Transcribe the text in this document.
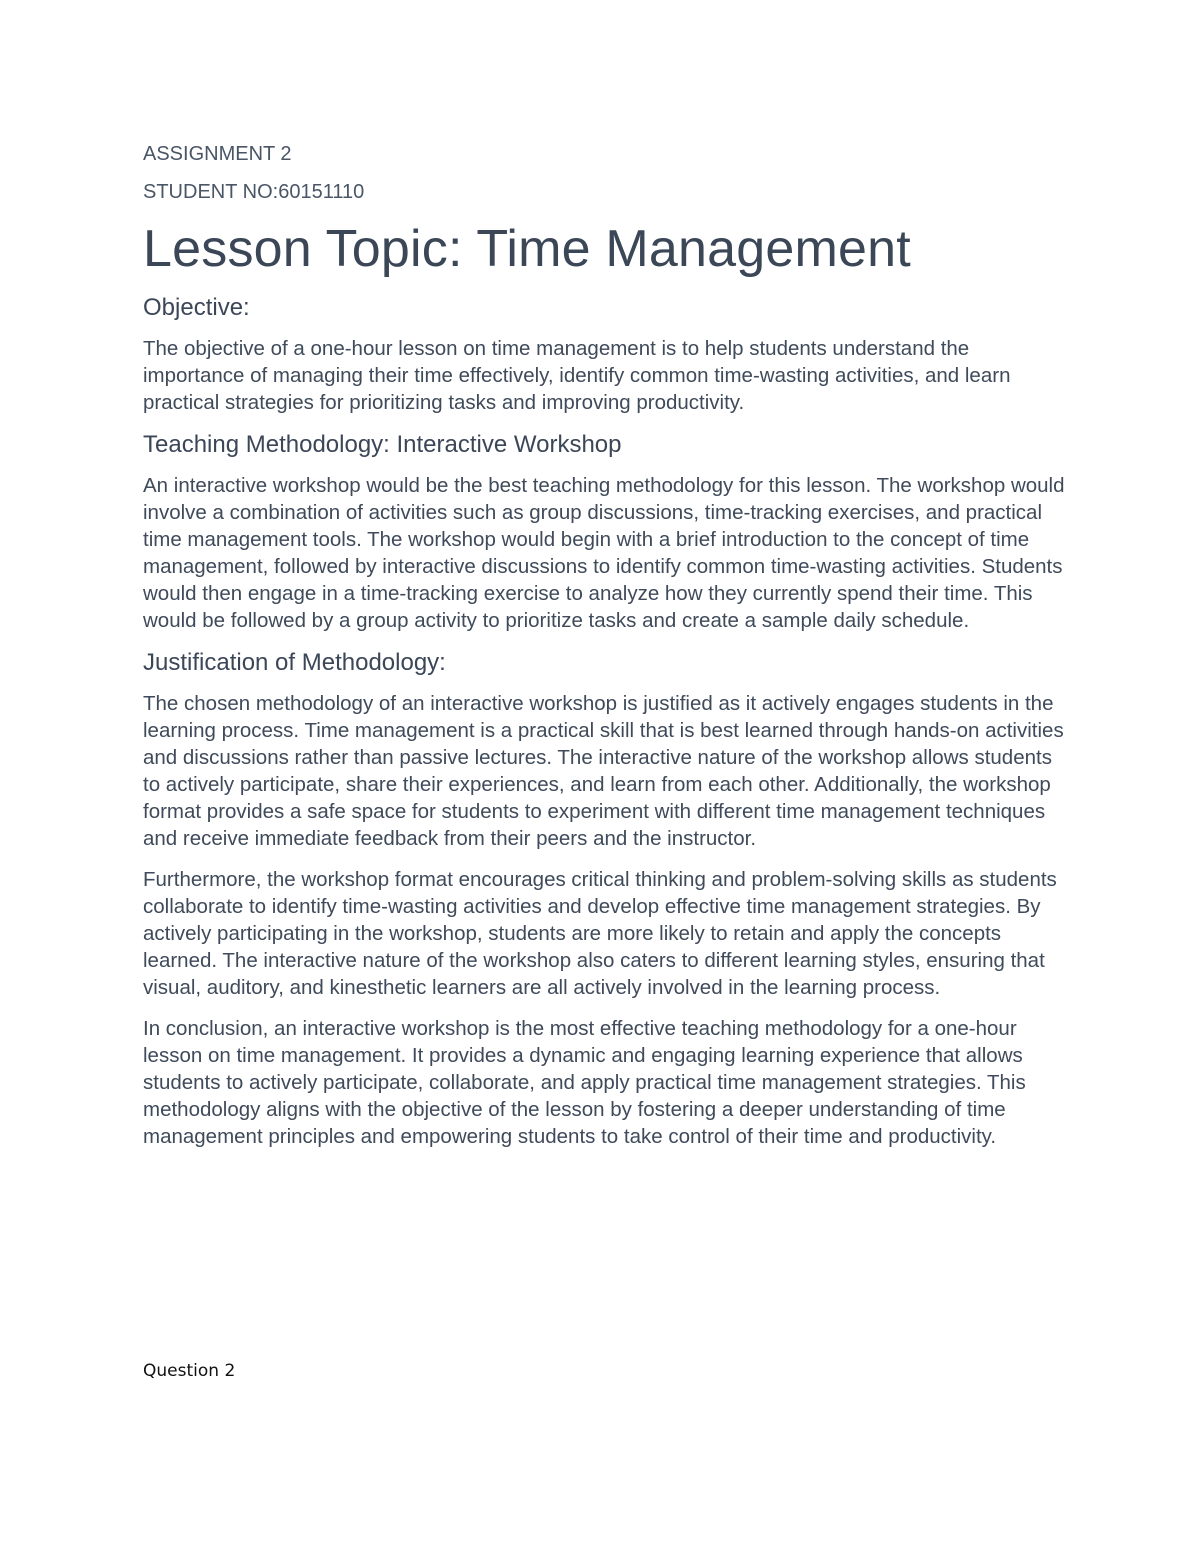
ASSIGNMENT 2

STUDENT NO:60151110

Lesson Topic: Time Management
Objective:

The objective of a one-hour lesson on time management is to help students understand the importance of managing their time effectively, identify common time-wasting activities, and learn practical strategies for prioritizing tasks and improving productivity.

Teaching Methodology: Interactive Workshop

An interactive workshop would be the best teaching methodology for this lesson. The workshop would involve a combination of activities such as group discussions, time-tracking exercises, and practical time management tools. The workshop would begin with a brief introduction to the concept of time management, followed by interactive discussions to identify common time-wasting activities. Students would then engage in a time-tracking exercise to analyze how they currently spend their time. This would be followed by a group activity to prioritize tasks and create a sample daily schedule.

Justification of Methodology:

The chosen methodology of an interactive workshop is justified as it actively engages students in the learning process. Time management is a practical skill that is best learned through hands-on activities and discussions rather than passive lectures. The interactive nature of the workshop allows students to actively participate, share their experiences, and learn from each other. Additionally, the workshop format provides a safe space for students to experiment with different time management techniques and receive immediate feedback from their peers and the instructor.

Furthermore, the workshop format encourages critical thinking and problem-solving skills as students collaborate to identify time-wasting activities and develop effective time management strategies. By actively participating in the workshop, students are more likely to retain and apply the concepts learned. The interactive nature of the workshop also caters to different learning styles, ensuring that visual, auditory, and kinesthetic learners are all actively involved in the learning process.

In conclusion, an interactive workshop is the most effective teaching methodology for a one-hour lesson on time management. It provides a dynamic and engaging learning experience that allows students to actively participate, collaborate, and apply practical time management strategies. This methodology aligns with the objective of the lesson by fostering a deeper understanding of time management principles and empowering students to take control of their time and productivity.

Question 2
